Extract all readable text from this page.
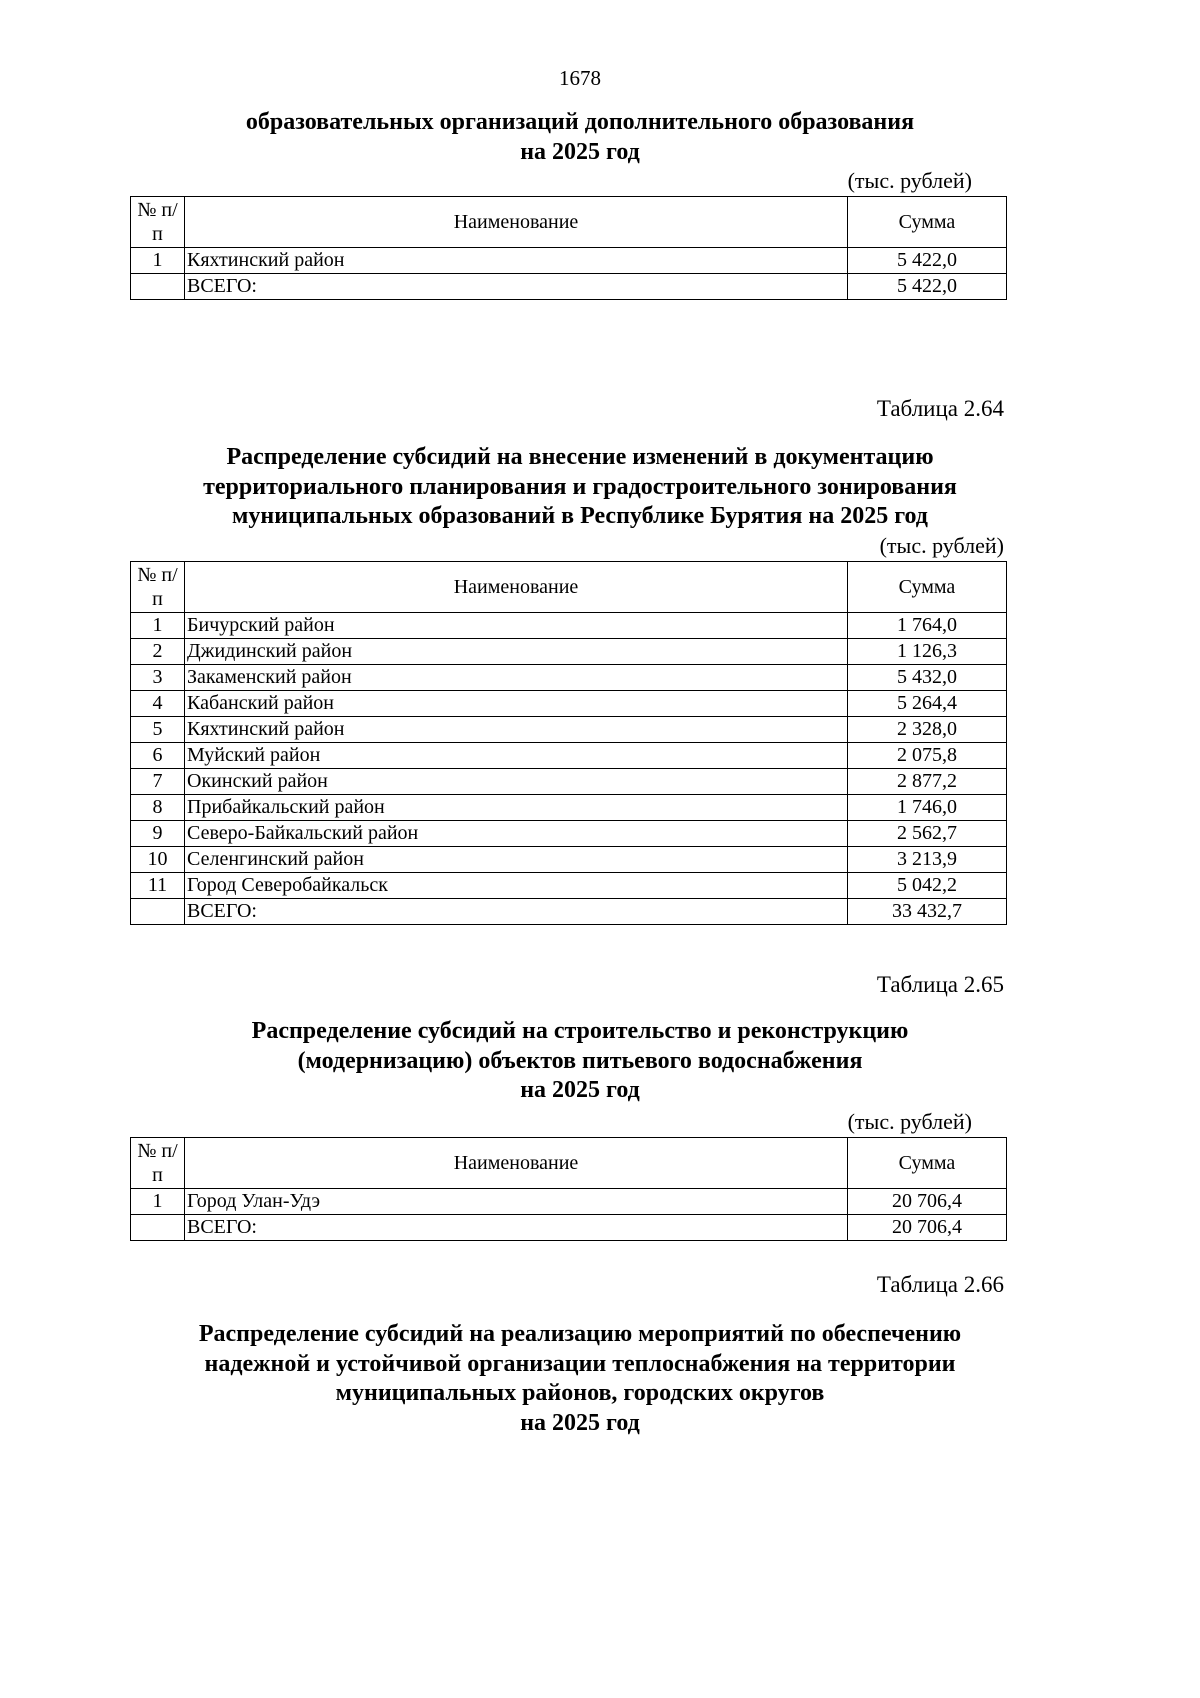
1678
образовательных организаций дополнительного образования
на 2025 год
(тыс. рублей)
№ п/п	Наименование	Сумма
1	Кяхтинский район	5 422,0
	ВСЕГО:	5 422,0
Таблица 2.64
Распределение субсидий на внесение изменений в документацию
территориального планирования и градостроительного зонирования
муниципальных образований в Республике Бурятия на 2025 год
(тыс. рублей)
№ п/п	Наименование	Сумма
1	Бичурский район	1 764,0
2	Джидинский район	1 126,3
3	Закаменский район	5 432,0
4	Кабанский район	5 264,4
5	Кяхтинский район	2 328,0
6	Муйский район	2 075,8
7	Окинский район	2 877,2
8	Прибайкальский район	1 746,0
9	Северо-Байкальский район	2 562,7
10	Селенгинский район	3 213,9
11	Город Северобайкальск	5 042,2
	ВСЕГО:	33 432,7
Таблица 2.65
Распределение субсидий на строительство и реконструкцию
(модернизацию) объектов питьевого водоснабжения
на 2025 год
(тыс. рублей)
№ п/п	Наименование	Сумма
1	Город Улан-Удэ	20 706,4
	ВСЕГО:	20 706,4
Таблица 2.66
Распределение субсидий на реализацию мероприятий по обеспечению
надежной и устойчивой организации теплоснабжения на территории
муниципальных районов, городских округов
на 2025 год
